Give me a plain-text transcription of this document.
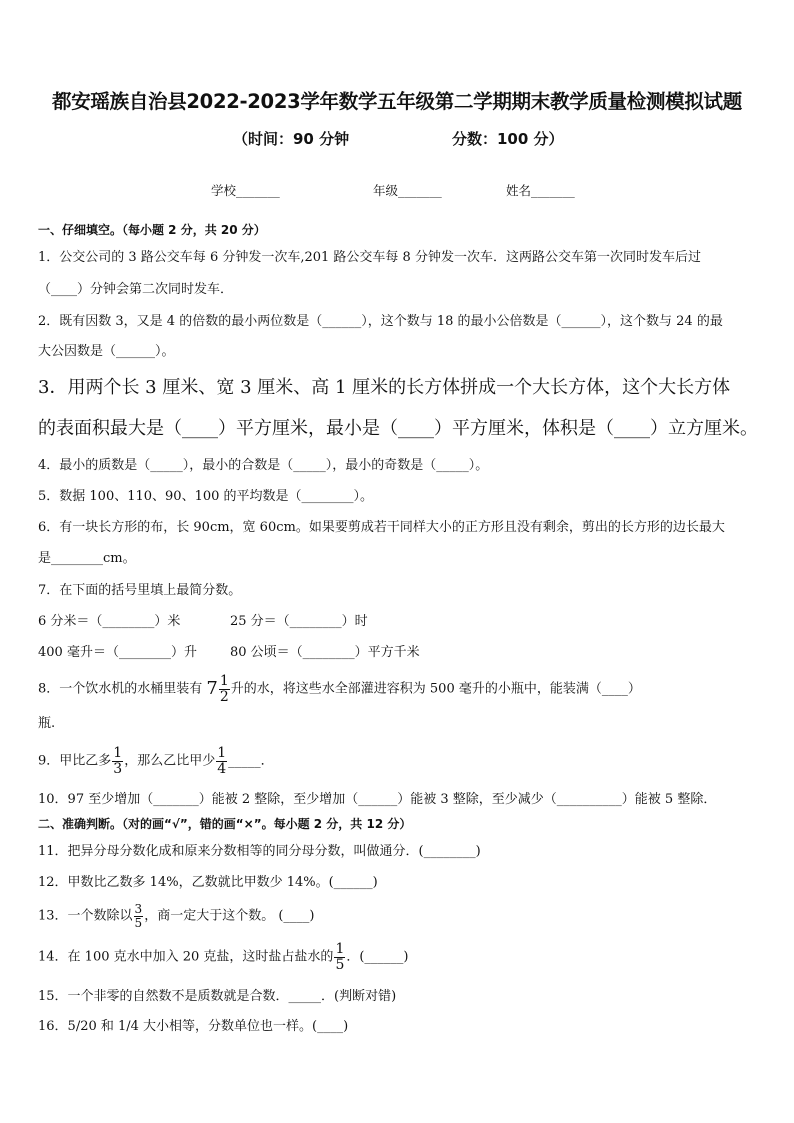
都安瑶族自治县2022-2023学年数学五年级第二学期期末教学质量检测模拟试题
（时间：90 分钟	分数：100 分）
学校_______	年级_______	姓名_______
一、仔细填空。（每小题 2 分，共 20 分）
1．公交公司的 3 路公交车每 6 分钟发一次车,201 路公交车每 8 分钟发一次车．这两路公交车第一次同时发车后过
（____）分钟会第二次同时发车．
2．既有因数 3，又是 4 的倍数的最小两位数是（______），这个数与 18 的最小公倍数是（______），这个数与 24 的最
大公因数是（______）。
3．用两个长 3 厘米、宽 3 厘米、高 1 厘米的长方体拼成一个大长方体，这个大长方体
的表面积最大是（____）平方厘米，最小是（____）平方厘米，体积是（____）立方厘米。
4．最小的质数是（_____），最小的合数是（_____），最小的奇数是（_____）。
5．数据 100、110、90、100 的平均数是（________）。
6．有一块长方形的布，长 90cm，宽 60cm。如果要剪成若干同样大小的正方形且没有剩余，剪出的长方形的边长最大
是________cm。
7．在下面的括号里填上最简分数。
6 分米＝（________）米	25 分＝（________）时
400 毫升＝（________）升	80 公顷＝（________）平方千米
8．一个饮水机的水桶里装有 $7 \frac{1}{2}$ 升的水，将这些水全部灌进容积为 500 毫升的小瓶中，能装满（____）
瓶.
9．甲比乙多 $\frac{1}{3}$ ，那么乙比甲少 $\frac{1}{4}$ _____．
10．97 至少增加（_______）能被 2 整除，至少增加（______）能被 3 整除，至少减少（__________）能被 5 整除．
二、准确判断。（对的画“√”，错的画“×”。每小题 2 分，共 12 分）
11．把异分母分数化成和原来分数相等的同分母分数，叫做通分．(________)
12．甲数比乙数多 14%，乙数就比甲数少 14%。(______)
13．一个数除以 $\frac{3}{5}$ ，商一定大于这个数。 (____)
14．在 100 克水中加入 20 克盐，这时盐占盐水的 $\frac{1}{5}$ ．(______)
15．一个非零的自然数不是质数就是合数．_____．(判断对错)
16．5/20 和 1/4 大小相等，分数单位也一样。(____)
